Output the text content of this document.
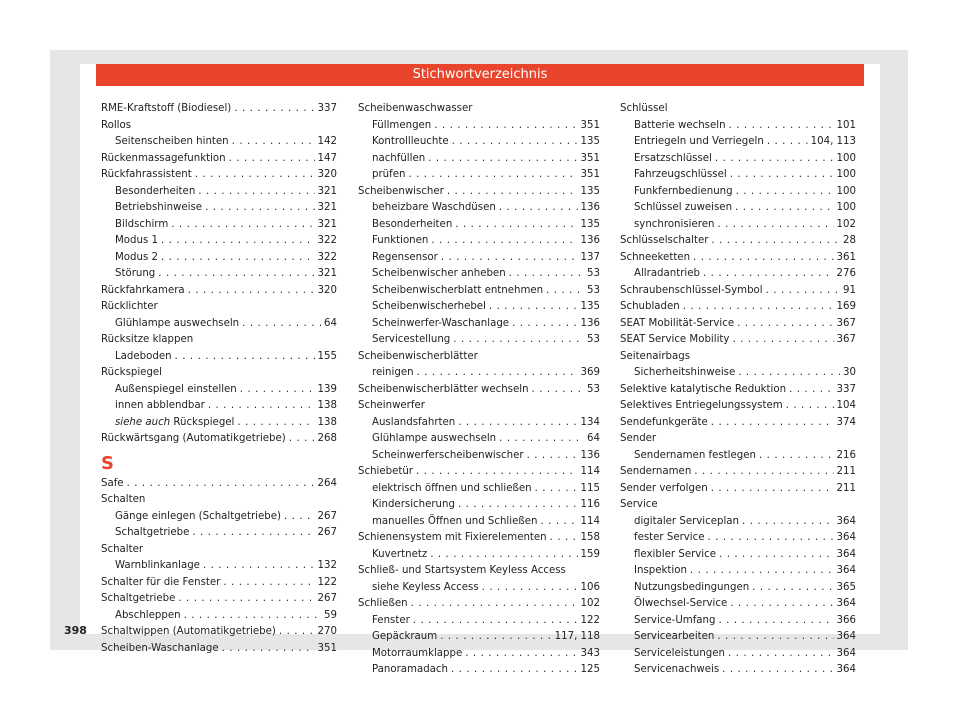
Stichwortverzeichnis
RME-Kraftstoff (Biodiesel) . . .	337
Rollos
Seitenscheiben hinten . . .	142
Rückenmassagefunktion . . .	147
Rückfahrassistent . . .	320
Besonderheiten . . .	321
Betriebshinweise . . .	321
Bildschirm . . .	321
Modus 1 . . .	322
Modus 2 . . .	322
Störung . . .	321
Rückfahrkamera . . .	320
Rücklichter
Glühlampe auswechseln . . .	64
Rücksitze klappen
Ladeboden . . .	155
Rückspiegel
Außenspiegel einstellen . . .	139
innen abblendbar . . .	138
siehe auch Rückspiegel . . .	138
Rückwärtsgang (Automatikgetriebe) . . .	268
S
Safe . . .	264
Schalten
Gänge einlegen (Schaltgetriebe) . . .	267
Schaltgetriebe . . .	267
Schalter
Warnblinkanlage . . .	132
Schalter für die Fenster . . .	122
Schaltgetriebe . . .	267
Abschleppen . . .	59
Schaltwippen (Automatikgetriebe) . . .	270
Scheiben-Waschanlage . . .	351
Scheibenwaschwasser
Füllmengen . . .	351
Kontrollleuchte . . .	135
nachfüllen . . .	351
prüfen . . .	351
Scheibenwischer . . .	135
beheizbare Waschdüsen . . .	136
Besonderheiten . . .	135
Funktionen . . .	136
Regensensor . . .	137
Scheibenwischer anheben . . .	53
Scheibenwischerblatt entnehmen . . .	53
Scheibenwischerhebel . . .	135
Scheinwerfer-Waschanlage . . .	136
Servicestellung . . .	53
Scheibenwischerblätter
reinigen . . .	369
Scheibenwischerblätter wechseln . . .	53
Scheinwerfer
Auslandsfahrten . . .	134
Glühlampe auswechseln . . .	64
Scheinwerferscheibenwischer . . .	136
Schiebetür . . .	114
elektrisch öffnen und schließen . . .	115
Kindersicherung . . .	116
manuelles Öffnen und Schließen . . .	114
Schienensystem mit Fixierelementen . . .	158
Kuvertnetz . . .	159
Schließ- und Startsystem Keyless Access
siehe Keyless Access . . .	106
Schließen . . .	102
Fenster . . .	122
Gepäckraum . . .	117, 118
Motorraumklappe . . .	343
Panoramadach . . .	125
Schlüssel
Batterie wechseln . . .	101
Entriegeln und Verriegeln . . .	104, 113
Ersatzschlüssel . . .	100
Fahrzeugschlüssel . . .	100
Funkfernbedienung . . .	100
Schlüssel zuweisen . . .	100
synchronisieren . . .	102
Schlüsselschalter . . .	28
Schneeketten . . .	361
Allradantrieb . . .	276
Schraubenschlüssel-Symbol . . .	91
Schubladen . . .	169
SEAT Mobilität-Service . . .	367
SEAT Service Mobility . . .	367
Seitenairbags
Sicherheitshinweise . . .	30
Selektive katalytische Reduktion . . .	337
Selektives Entriegelungssystem . . .	104
Sendefunkgeräte . . .	374
Sender
Sendernamen festlegen . . .	216
Sendernamen . . .	211
Sender verfolgen . . .	211
Service
digitaler Serviceplan . . .	364
fester Service . . .	364
flexibler Service . . .	364
Inspektion . . .	364
Nutzungsbedingungen . . .	365
Ölwechsel-Service . . .	364
Service-Umfang . . .	366
Servicearbeiten . . .	364
Serviceleistungen . . .	364
Servicenachweis . . .	364
398
